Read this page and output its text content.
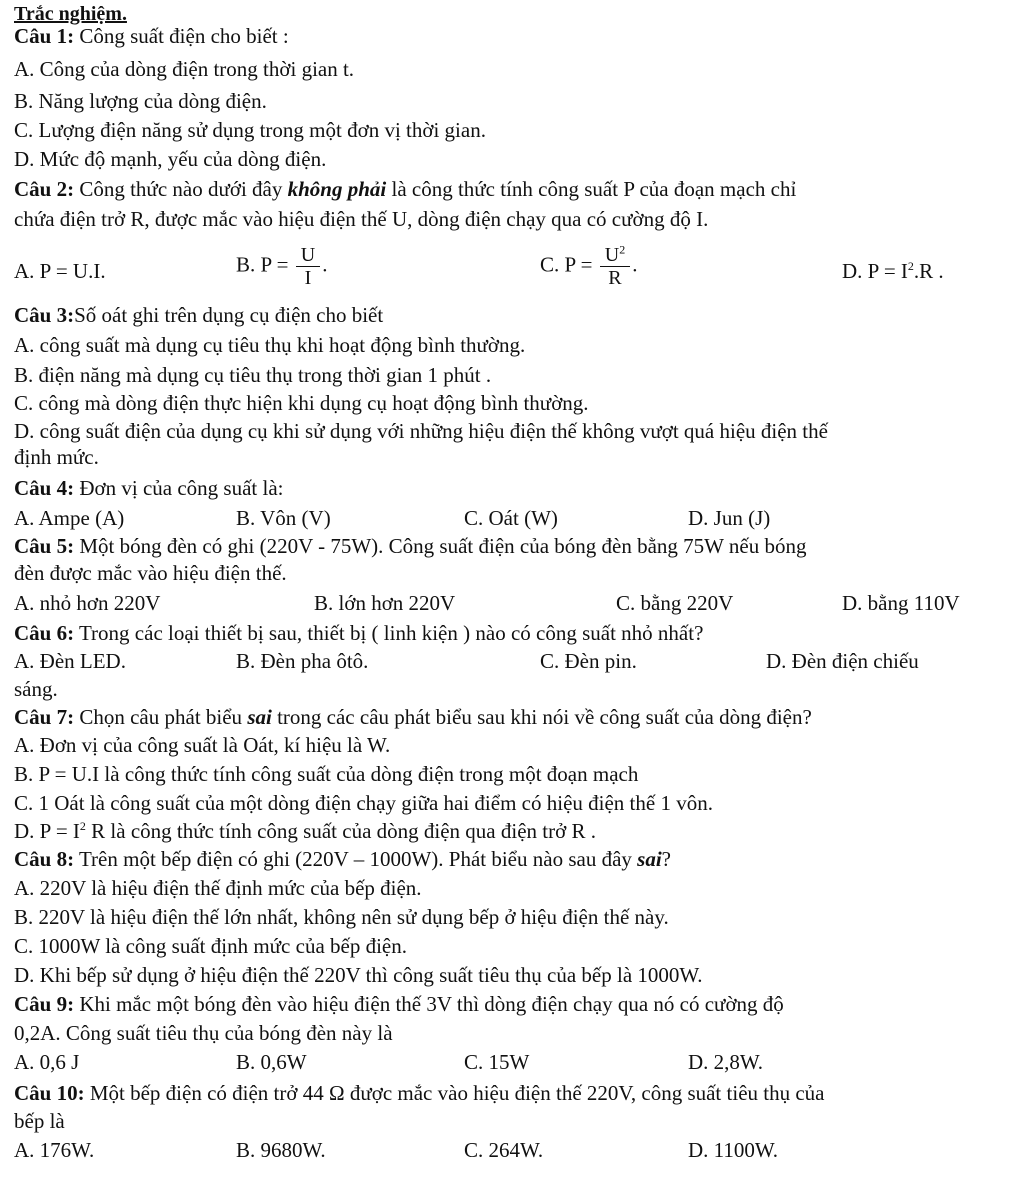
Trắc nghiệm.
Câu 1: Công suất điện cho biết :
A. Công của dòng điện trong thời gian t.
B. Năng lượng của dòng điện.
C. Lượng điện năng sử dụng trong một đơn vị thời gian.
D. Mức độ mạnh, yếu của dòng điện.
Câu 2: Công thức nào dưới đây không phải là công thức tính công suất P của đoạn mạch chỉ
chứa điện trở R, được mắc vào hiệu điện thế U, dòng điện chạy qua có cường độ I.
A. P = U.I.	B. $P = \frac{U}{I}$ .	C. $P = \frac{U^2}{R}$ .	D. $P = I^2.R$ .
Câu 3:Số oát ghi trên dụng cụ điện cho biết
A. công suất mà dụng cụ tiêu thụ khi hoạt động bình thường.
B. điện năng mà dụng cụ tiêu thụ trong thời gian 1 phút .
C. công mà dòng điện thực hiện khi dụng cụ hoạt động bình thường.
D. công suất điện của dụng cụ khi sử dụng với những hiệu điện thế không vượt quá hiệu điện thế
định mức.
Câu 4: Đơn vị của công suất là:
A. Ampe (A)	B. Vôn (V)	C. Oát (W)	D. Jun (J)
Câu 5: Một bóng đèn có ghi (220V - 75W). Công suất điện của bóng đèn bằng 75W nếu bóng
đèn được mắc vào hiệu điện thế.
A. nhỏ hơn 220V	B. lớn hơn 220V	C. bằng 220V	D. bằng 110V
Câu 6: Trong các loại thiết bị sau, thiết bị ( linh kiện ) nào có công suất nhỏ nhất?
A. Đèn LED.	B. Đèn pha ôtô.	C. Đèn pin.	D. Đèn điện chiếu
sáng.
Câu 7: Chọn câu phát biểu sai trong các câu phát biểu sau khi nói về công suất của dòng điện?
A. Đơn vị của công suất là Oát, kí hiệu là W.
B. P = U.I là công thức tính công suất của dòng điện trong một đoạn mạch
C. 1 Oát là công suất của một dòng điện chạy giữa hai điểm có hiệu điện thế 1 vôn.
D. $P = I^2$ R là công thức tính công suất của dòng điện qua điện trở R .
Câu 8: Trên một bếp điện có ghi (220V – 1000W). Phát biểu nào sau đây sai?
A. 220V là hiệu điện thế định mức của bếp điện.
B. 220V là hiệu điện thế lớn nhất, không nên sử dụng bếp ở hiệu điện thế này.
C. 1000W là công suất định mức của bếp điện.
D. Khi bếp sử dụng ở hiệu điện thế 220V thì công suất tiêu thụ của bếp là 1000W.
Câu 9: Khi mắc một bóng đèn vào hiệu điện thế 3V thì dòng điện chạy qua nó có cường độ
0,2A. Công suất tiêu thụ của bóng đèn này là
A. 0,6 J	B. 0,6W	C. 15W	D. 2,8W.
Câu 10: Một bếp điện có điện trở 44 Ω được mắc vào hiệu điện thế 220V, công suất tiêu thụ của
bếp là
A. 176W.	B. 9680W.	C. 264W.	D. 1100W.
